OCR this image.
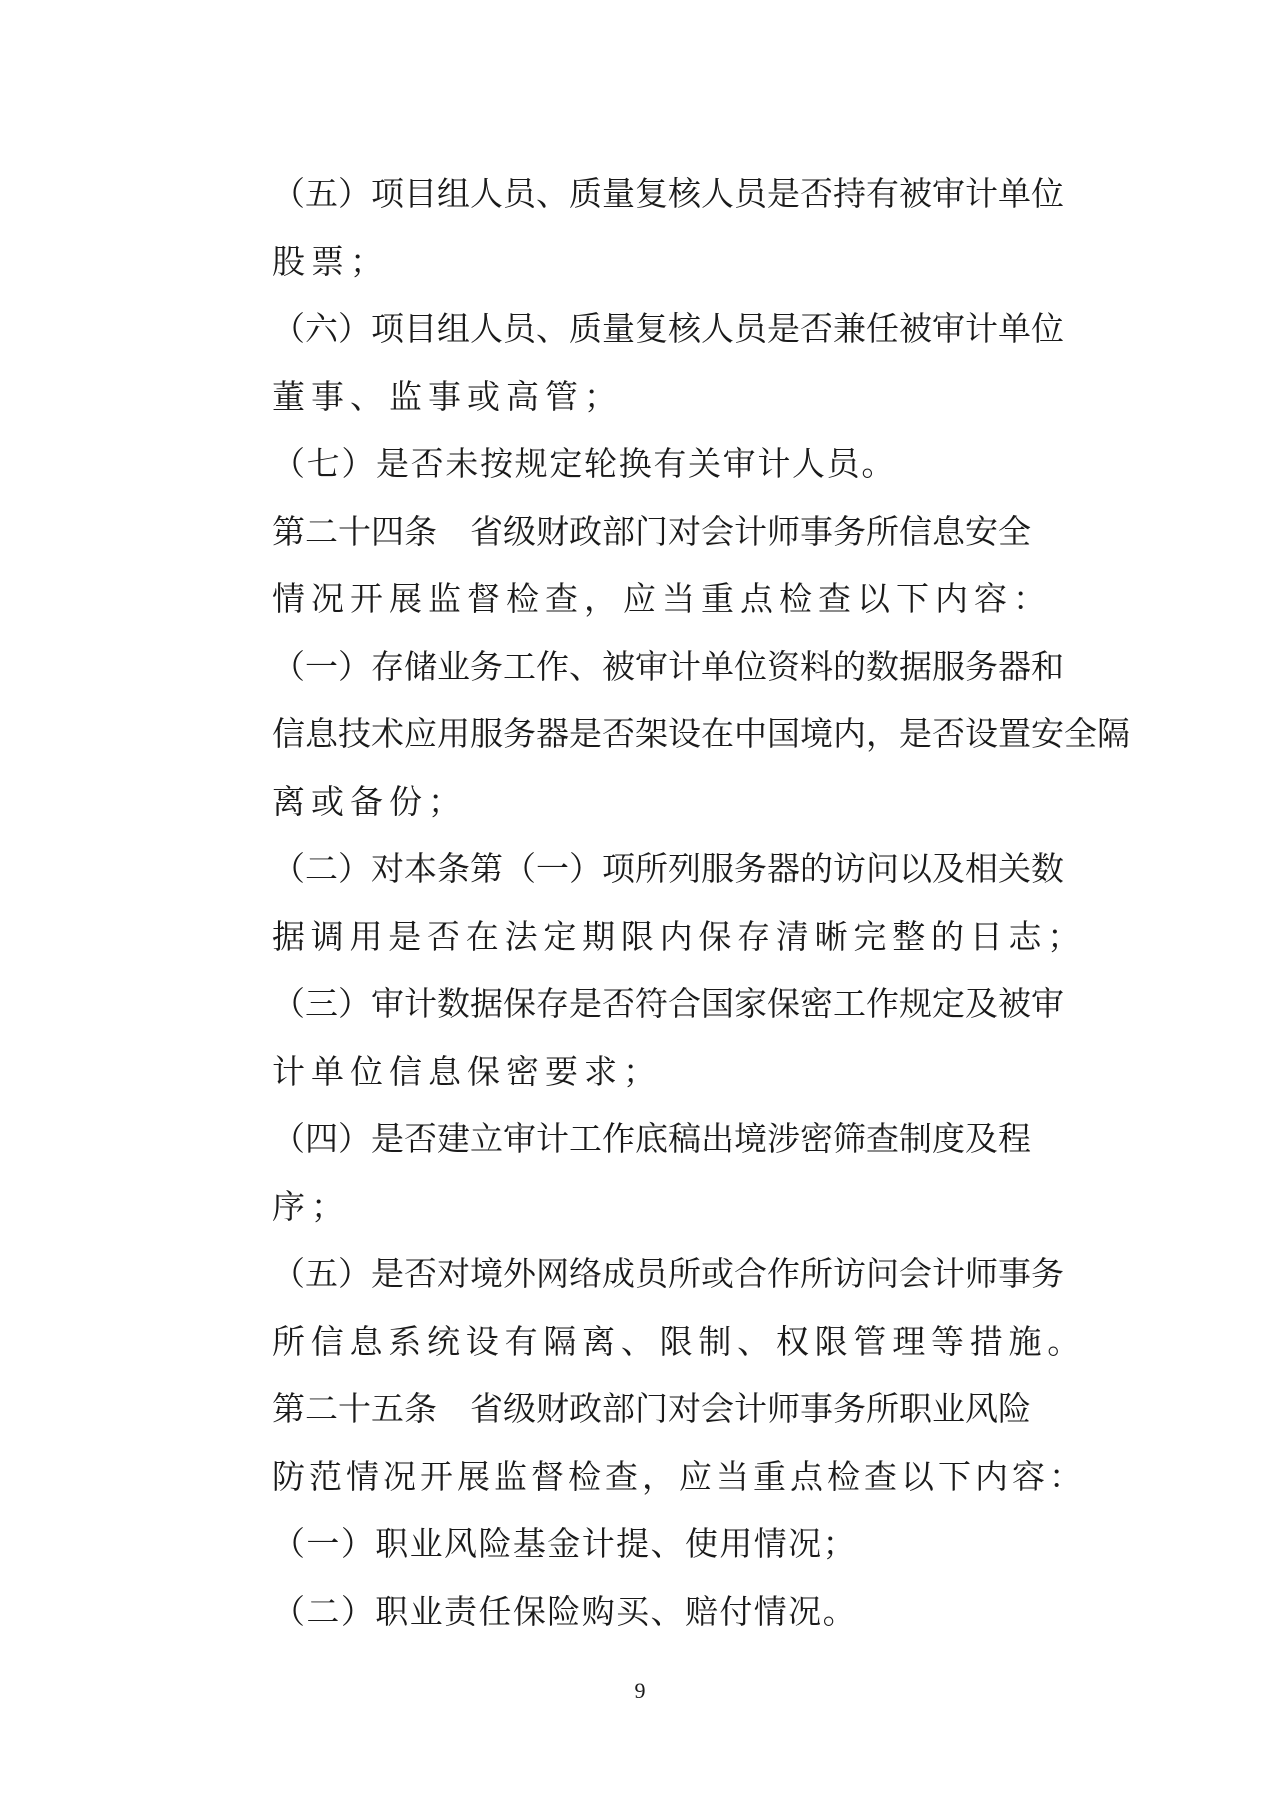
（五）项目组人员、质量复核人员是否持有被审计单位
股票；

（六）项目组人员、质量复核人员是否兼任被审计单位
董事、监事或高管；

（七）是否未按规定轮换有关审计人员。

第二十四条　省级财政部门对会计师事务所信息安全
情况开展监督检查，应当重点检查以下内容：

（一）存储业务工作、被审计单位资料的数据服务器和
信息技术应用服务器是否架设在中国境内，是否设置安全隔
离或备份；

（二）对本条第（一）项所列服务器的访问以及相关数
据调用是否在法定期限内保存清晰完整的日志；

（三）审计数据保存是否符合国家保密工作规定及被审
计单位信息保密要求；

（四）是否建立审计工作底稿出境涉密筛查制度及程
序；

（五）是否对境外网络成员所或合作所访问会计师事务
所信息系统设有隔离、限制、权限管理等措施。

第二十五条　省级财政部门对会计师事务所职业风险
防范情况开展监督检查，应当重点检查以下内容：

（一）职业风险基金计提、使用情况；

（二）职业责任保险购买、赔付情况。

9
